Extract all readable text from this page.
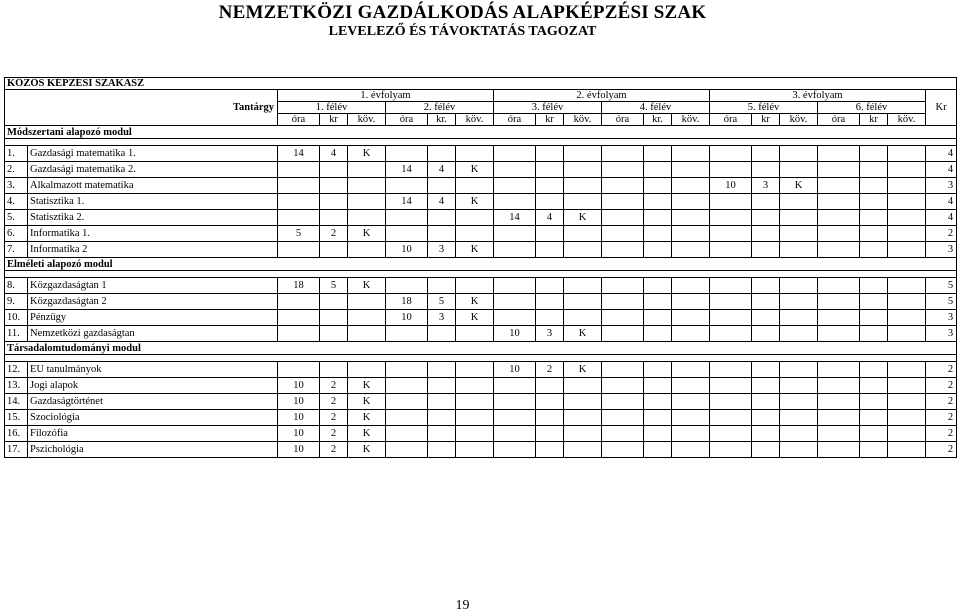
NEMZETKÖZI GAZDÁLKODÁS ALAPKÉPZÉSI SZAK
LEVELEZŐ ÉS TÁVOKTATÁS TAGOZAT
KÖZÖS KÉPZÉSI SZAKASZ																				
Tantárgy		1. évfolyam						2. évfolyam						3. évfolyam						Kr
		1. félév			2. félév			3. félév			4. félév			5. félév			6. félév			
		óra	kr	köv.	óra	kr.	köv.	óra	kr	köv.	óra	kr.	köv.	óra	kr	köv.	óra	kr	köv.	
Módszertani alapozó modul																				

1.	Gazdasági matematika 1.	14	4	K																4
2.	Gazdasági matematika 2.				14	4	K													4
3.	Alkalmazott matematika													10	3	K				3
4.	Statisztika 1.				14	4	K													4
5.	Statisztika 2.							14	4	K										4
6.	Informatika 1.	5	2	K																2
7.	Informatika 2				10	3	K													3
Elméleti alapozó modul																				

8.	Közgazdaságtan 1	18	5	K																5
9.	Közgazdaságtan 2				18	5	K													5
10.	Pénzügy				10	3	K													3
11.	Nemzetközi gazdaságtan							10	3	K										3
Társadalomtudományi modul																				

12.	EU tanulmányok							10	2	K										2
13.	Jogi alapok	10	2	K																2
14.	Gazdaságtörténet	10	2	K																2
15.	Szociológia	10	2	K																2
16.	Filozófia	10	2	K																2
17.	Pszichológia	10	2	K																2
19
